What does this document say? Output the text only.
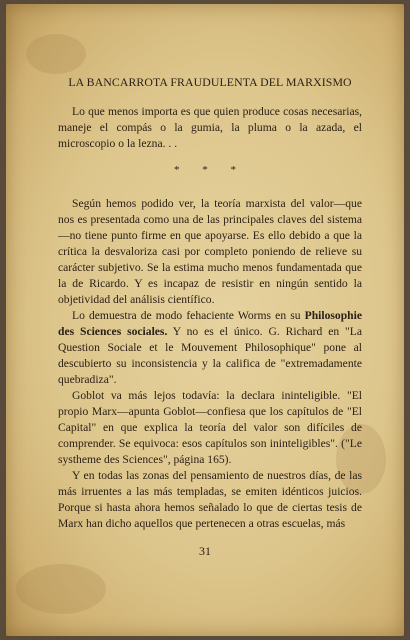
LA BANCARROTA FRAUDULENTA DEL MARXISMO

Lo que menos importa es que quien produce cosas necesarias, maneje el compás o la gumia, la pluma o la azada, el microscopio o la lezna. . .

* * *

Según hemos podido ver, la teoría marxista del valor—que nos es presentada como una de las principales claves del sistema—no tiene punto firme en que apoyarse. Es ello debido a que la crítica la desvaloriza casi por completo poniendo de relieve su carácter subjetivo. Se la estima mucho menos fundamentada que la de Ricardo. Y es incapaz de resistir en ningún sentido la objetividad del análisis científico.

Lo demuestra de modo fehaciente Worms en su Philosophie des Sciences sociales. Y no es el único. G. Richard en "La Question Sociale et le Mouvement Philosophique" pone al descubierto su inconsistencia y la califica de "extremadamente quebradiza".

Goblot va más lejos todavía: la declara ininteligible. "El propio Marx—apunta Goblot—confiesa que los capítulos de "El Capital" en que explica la teoría del valor son difíciles de comprender. Se equivoca: esos capítulos son ininteligibles". ("Le systheme des Sciences", página 165).

Y en todas las zonas del pensamiento de nuestros días, de las más irruentes a las más templadas, se emiten idénticos juicios. Porque si hasta ahora hemos señalado lo que de ciertas tesis de Marx han dicho aquellos que pertenecen a otras escuelas, más

31
